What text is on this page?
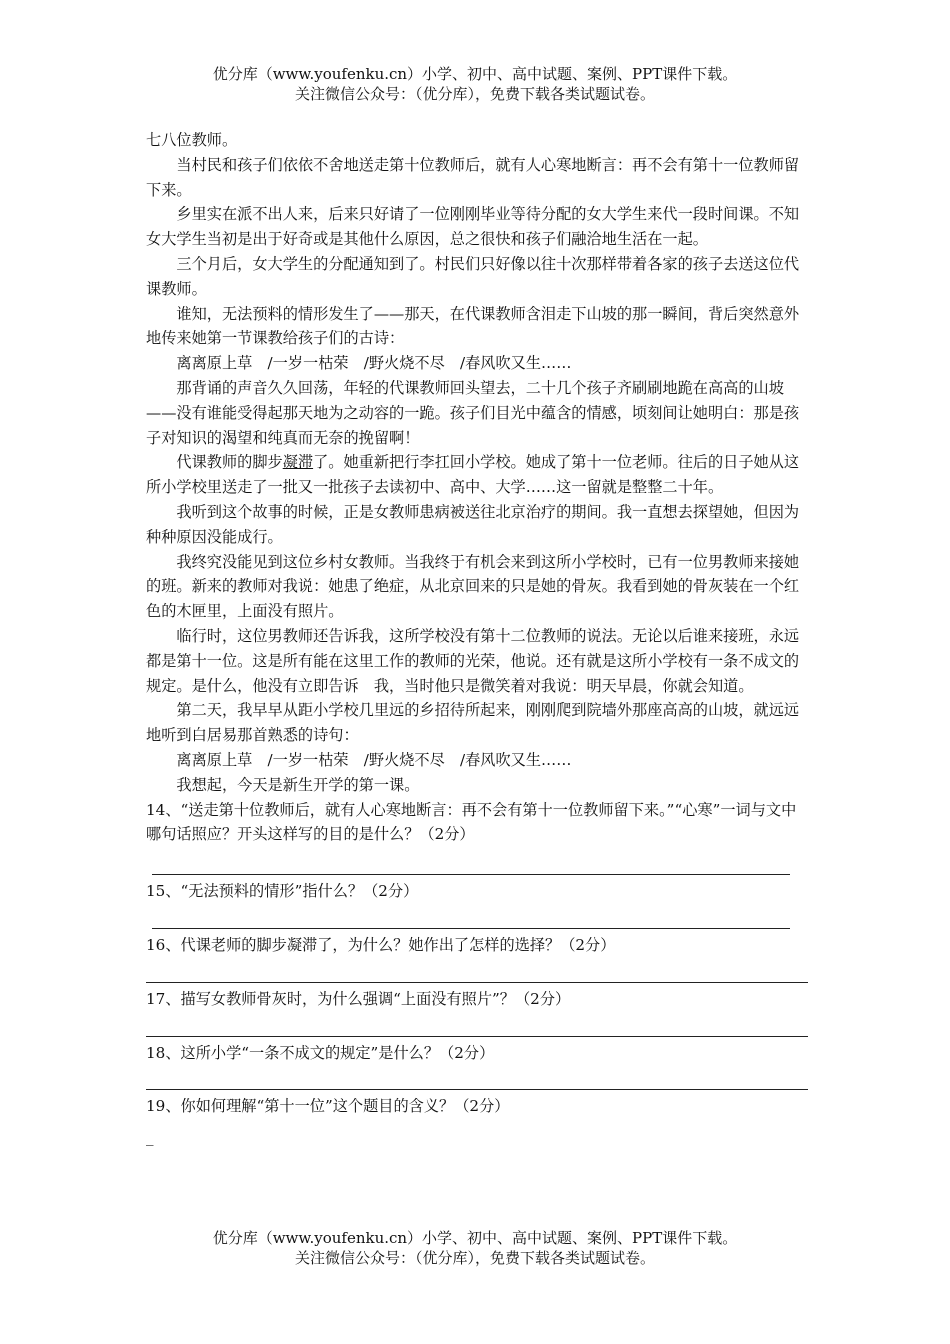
优分库（www.youfenku.cn）小学、初中、高中试题、案例、PPT课件下载。
关注微信公众号：（优分库），免费下载各类试题试卷。

七八位教师。

当村民和孩子们依依不舍地送走第十位教师后，就有人心寒地断言：再不会有第十一位教师留下来。

乡里实在派不出人来，后来只好请了一位刚刚毕业等待分配的女大学生来代一段时间课。不知女大学生当初是出于好奇或是其他什么原因，总之很快和孩子们融洽地生活在一起。

三个月后，女大学生的分配通知到了。村民们只好像以往十次那样带着各家的孩子去送这位代课教师。

谁知，无法预料的情形发生了——那天，在代课教师含泪走下山坡的那一瞬间，背后突然意外地传来她第一节课教给孩子们的古诗：

离离原上草　/一岁一枯荣　/野火烧不尽　/春风吹又生……

那背诵的声音久久回荡，年轻的代课教师回头望去，二十几个孩子齐刷刷地跪在高高的山坡——没有谁能受得起那天地为之动容的一跪。孩子们目光中蕴含的情感，顷刻间让她明白：那是孩子对知识的渴望和纯真而无奈的挽留啊！

代课教师的脚步凝滞了。她重新把行李扛回小学校。她成了第十一位老师。往后的日子她从这所小学校里送走了一批又一批孩子去读初中、高中、大学……这一留就是整整二十年。

我听到这个故事的时候，正是女教师患病被送往北京治疗的期间。我一直想去探望她，但因为种种原因没能成行。

我终究没能见到这位乡村女教师。当我终于有机会来到这所小学校时，已有一位男教师来接她的班。新来的教师对我说：她患了绝症，从北京回来的只是她的骨灰。我看到她的骨灰装在一个红色的木匣里，上面没有照片。

临行时，这位男教师还告诉我，这所学校没有第十二位教师的说法。无论以后谁来接班，永远都是第十一位。这是所有能在这里工作的教师的光荣，他说。还有就是这所小学校有一条不成文的规定。是什么，他没有立即告诉　我，当时他只是微笑着对我说：明天早晨，你就会知道。

第二天，我早早从距小学校几里远的乡招待所起来，刚刚爬到院墙外那座高高的山坡，就远远地听到白居易那首熟悉的诗句：

离离原上草　/一岁一枯荣　/野火烧不尽　/春风吹又生……

我想起，今天是新生开学的第一课。

14、“送走第十位教师后，就有人心寒地断言：再不会有第十一位教师留下来。”“心寒”一词与文中哪句话照应？开头这样写的目的是什么？（2分）

15、“无法预料的情形”指什么？（2分）

16、代课老师的脚步凝滞了，为什么？她作出了怎样的选择？（2分）

17、描写女教师骨灰时，为什么强调“上面没有照片”？（2分）

18、这所小学“一条不成文的规定”是什么？（2分）

19、你如何理解“第十一位”这个题目的含义？（2分）

_
优分库（www.youfenku.cn）小学、初中、高中试题、案例、PPT课件下载。
关注微信公众号：（优分库），免费下载各类试题试卷。
